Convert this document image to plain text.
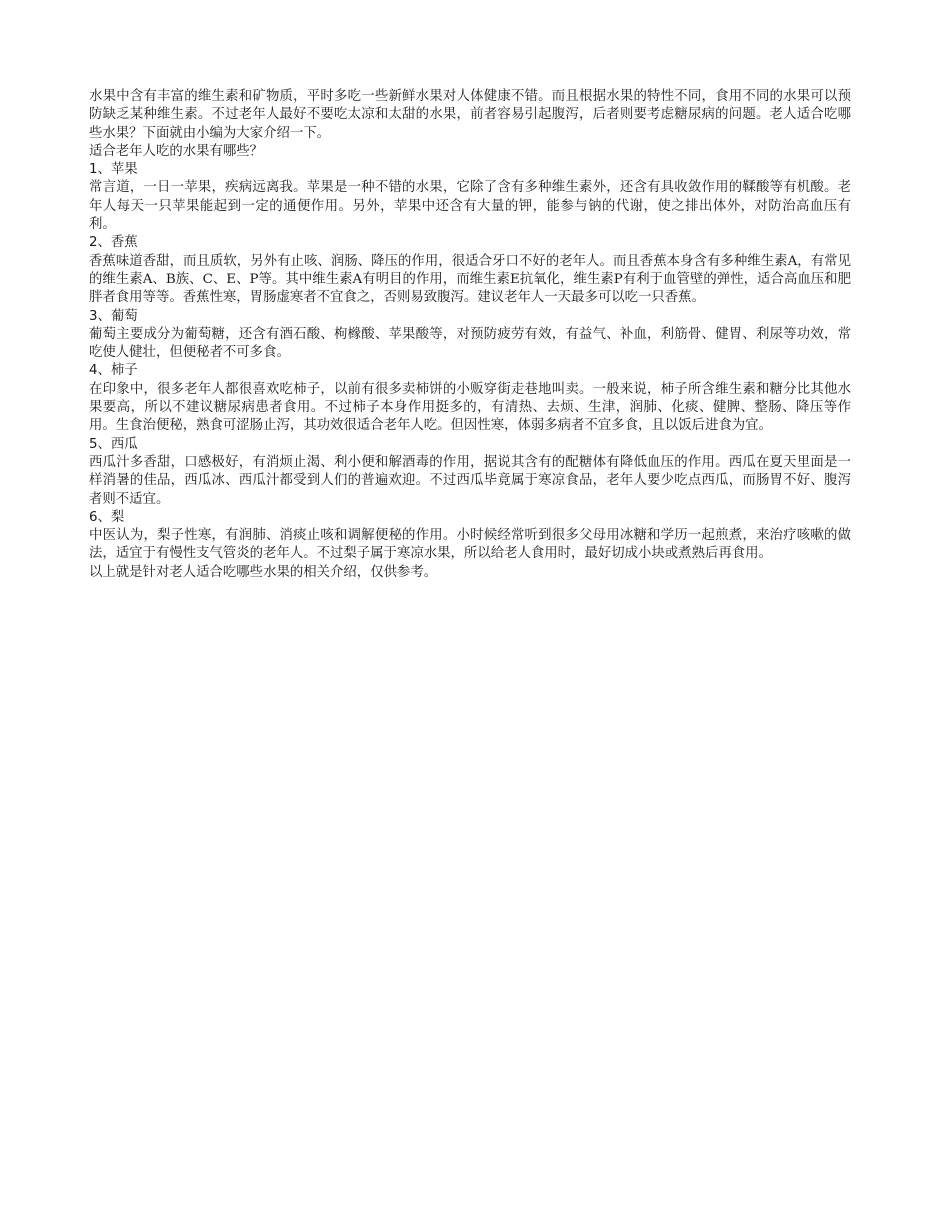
水果中含有丰富的维生素和矿物质，平时多吃一些新鲜水果对人体健康不错。而且根据水果的特性不同，食用不同的水果可以预防缺乏某种维生素。不过老年人最好不要吃太凉和太甜的水果，前者容易引起腹泻，后者则要考虑糖尿病的问题。老人适合吃哪些水果？下面就由小编为大家介绍一下。

适合老年人吃的水果有哪些？

1、苹果

常言道，一日一苹果，疾病远离我。苹果是一种不错的水果，它除了含有多种维生素外，还含有具收敛作用的鞣酸等有机酸。老年人每天一只苹果能起到一定的通便作用。另外，苹果中还含有大量的钾，能参与钠的代谢，使之排出体外，对防治高血压有利。

2、香蕉

香蕉味道香甜，而且质软，另外有止咳、润肠、降压的作用，很适合牙口不好的老年人。而且香蕉本身含有多种维生素A，有常见的维生素A、B族、C、E、P等。其中维生素A有明目的作用，而维生素E抗氧化，维生素P有利于血管壁的弹性，适合高血压和肥胖者食用等等。香蕉性寒，胃肠虚寒者不宜食之，否则易致腹泻。建议老年人一天最多可以吃一只香蕉。

3、葡萄

葡萄主要成分为葡萄糖，还含有酒石酸、枸橼酸、苹果酸等，对预防疲劳有效，有益气、补血，利筋骨、健胃、利尿等功效，常吃使人健壮，但便秘者不可多食。

4、柿子

在印象中，很多老年人都很喜欢吃柿子，以前有很多卖柿饼的小贩穿街走巷地叫卖。一般来说，柿子所含维生素和糖分比其他水果要高，所以不建议糖尿病患者食用。不过柿子本身作用挺多的，有清热、去烦、生津，润肺、化痰、健脾、整肠、降压等作用。生食治便秘，熟食可涩肠止泻，其功效很适合老年人吃。但因性寒，体弱多病者不宜多食，且以饭后进食为宜。

5、西瓜

西瓜汁多香甜，口感极好，有消烦止渴、利小便和解酒毒的作用，据说其含有的配糖体有降低血压的作用。西瓜在夏天里面是一样消暑的佳品，西瓜冰、西瓜汁都受到人们的普遍欢迎。不过西瓜毕竟属于寒凉食品，老年人要少吃点西瓜，而肠胃不好、腹泻者则不适宜。

6、梨

中医认为，梨子性寒，有润肺、消痰止咳和调解便秘的作用。小时候经常听到很多父母用冰糖和学历一起煎煮，来治疗咳嗽的做法，适宜于有慢性支气管炎的老年人。不过梨子属于寒凉水果，所以给老人食用时，最好切成小块或煮熟后再食用。

以上就是针对老人适合吃哪些水果的相关介绍，仅供参考。
